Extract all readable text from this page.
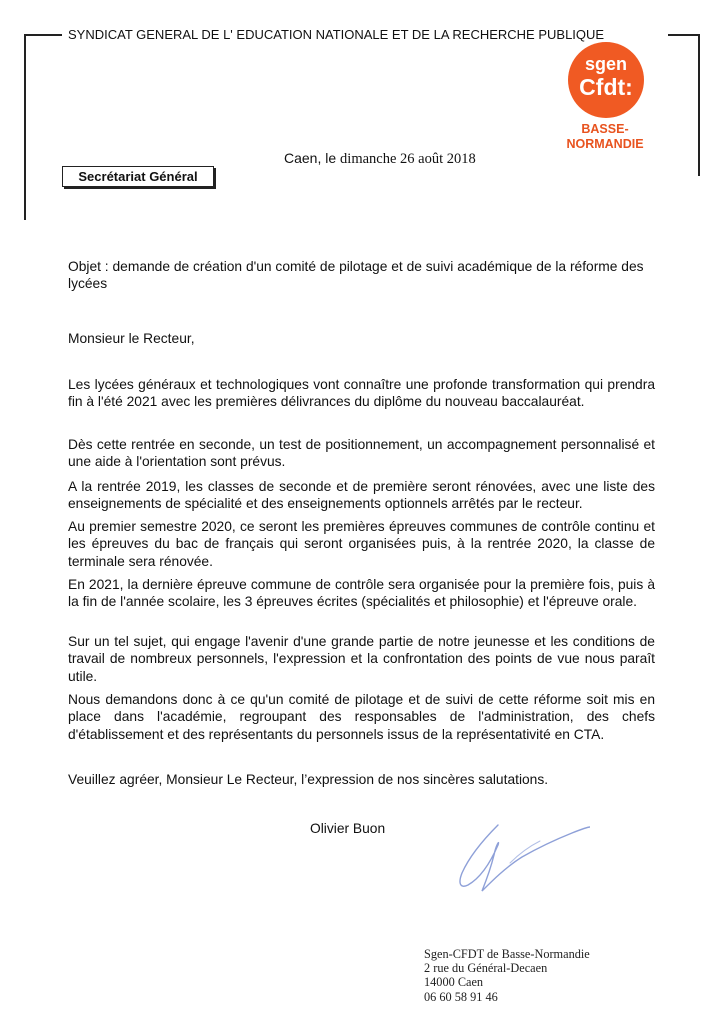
SYNDICAT GENERAL DE L' EDUCATION NATIONALE ET DE LA RECHERCHE PUBLIQUE
sgen
Cfdt:
BASSE-
NORMANDIE
Caen, le dimanche 26 août 2018
Secrétariat Général
Objet : demande de création d'un comité de pilotage et de suivi académique de la réforme des lycées
Monsieur le Recteur,
Les lycées généraux et technologiques vont connaître une profonde transformation qui prendra fin à l'été 2021 avec les premières délivrances du diplôme du nouveau baccalauréat.
Dès cette rentrée en seconde, un test de positionnement, un accompagnement personnalisé et une aide à l'orientation sont prévus.
A la rentrée 2019, les classes de seconde et de première seront rénovées, avec une liste des enseignements de spécialité et des enseignements optionnels arrêtés par le recteur.
Au premier semestre 2020, ce seront les premières épreuves communes de contrôle continu et les épreuves du bac de français qui seront organisées puis, à la rentrée 2020, la classe de terminale sera rénovée.
En 2021, la dernière épreuve commune de contrôle sera organisée pour la première fois, puis à la fin de l'année scolaire, les 3 épreuves écrites (spécialités et philosophie) et l'épreuve orale.
Sur un tel sujet, qui engage l'avenir d'une grande partie de notre jeunesse et les conditions de travail de nombreux personnels, l'expression et la confrontation des points de vue nous paraît utile.
Nous demandons donc à ce qu'un comité de pilotage et de suivi de cette réforme soit mis en place dans l'académie, regroupant des responsables de l'administration, des chefs d'établissement et des représentants du personnels issus de la représentativité en CTA.
Veuillez agréer, Monsieur Le Recteur, l’expression de nos sincères salutations.
Olivier Buon
Sgen-CFDT de Basse-Normandie
2 rue du Général-Decaen
14000 Caen
06 60 58 91 46
